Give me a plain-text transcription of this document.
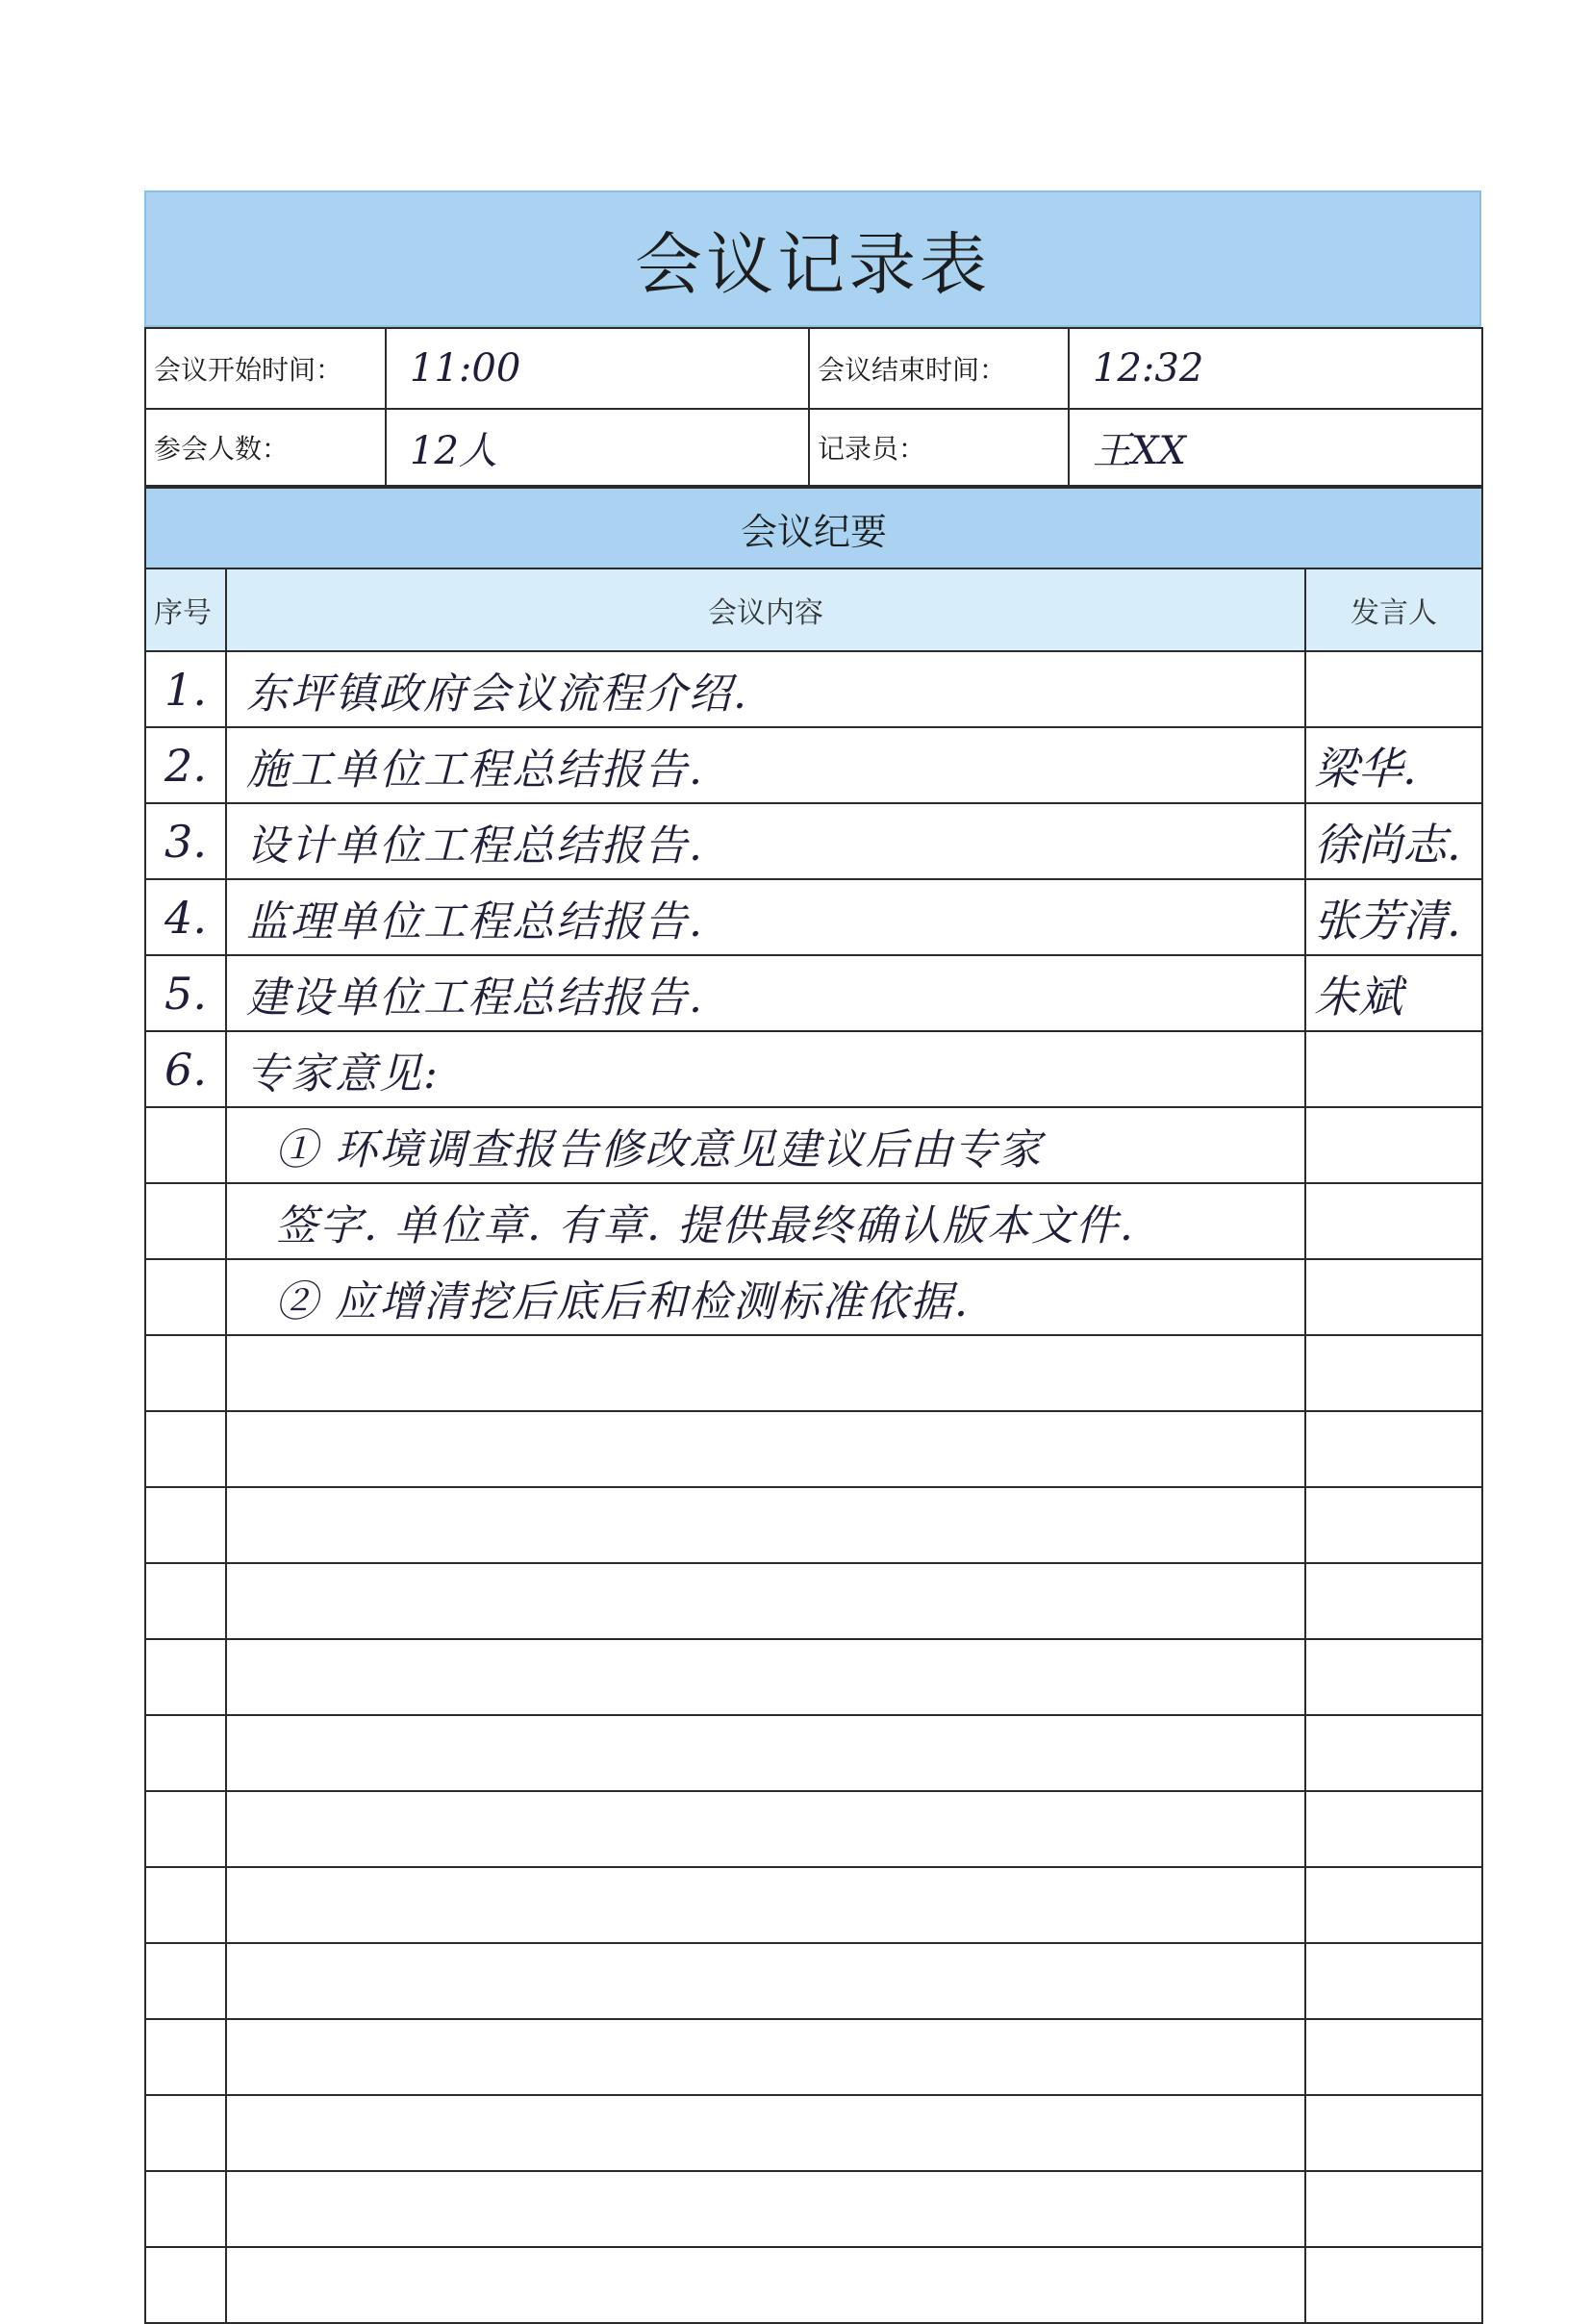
会议记录表
会议开始时间：	11:00	会议结束时间：	12:32
参会人数：	12人	记录员：	王XX
会议纪要		
序号	会议内容	发言人
1.	东坪镇政府会议流程介绍.	
2.	施工单位工程总结报告.	梁华.
3.	设计单位工程总结报告.	徐尚志.
4.	监理单位工程总结报告.	张芳清.
5.	建设单位工程总结报告.	朱斌
6.	专家意见:	
	① 环境调查报告修改意见建议后由专家	
	签字. 单位章. 有章. 提供最终确认版本文件.	
	② 应增清挖后底后和检测标准依据.	
